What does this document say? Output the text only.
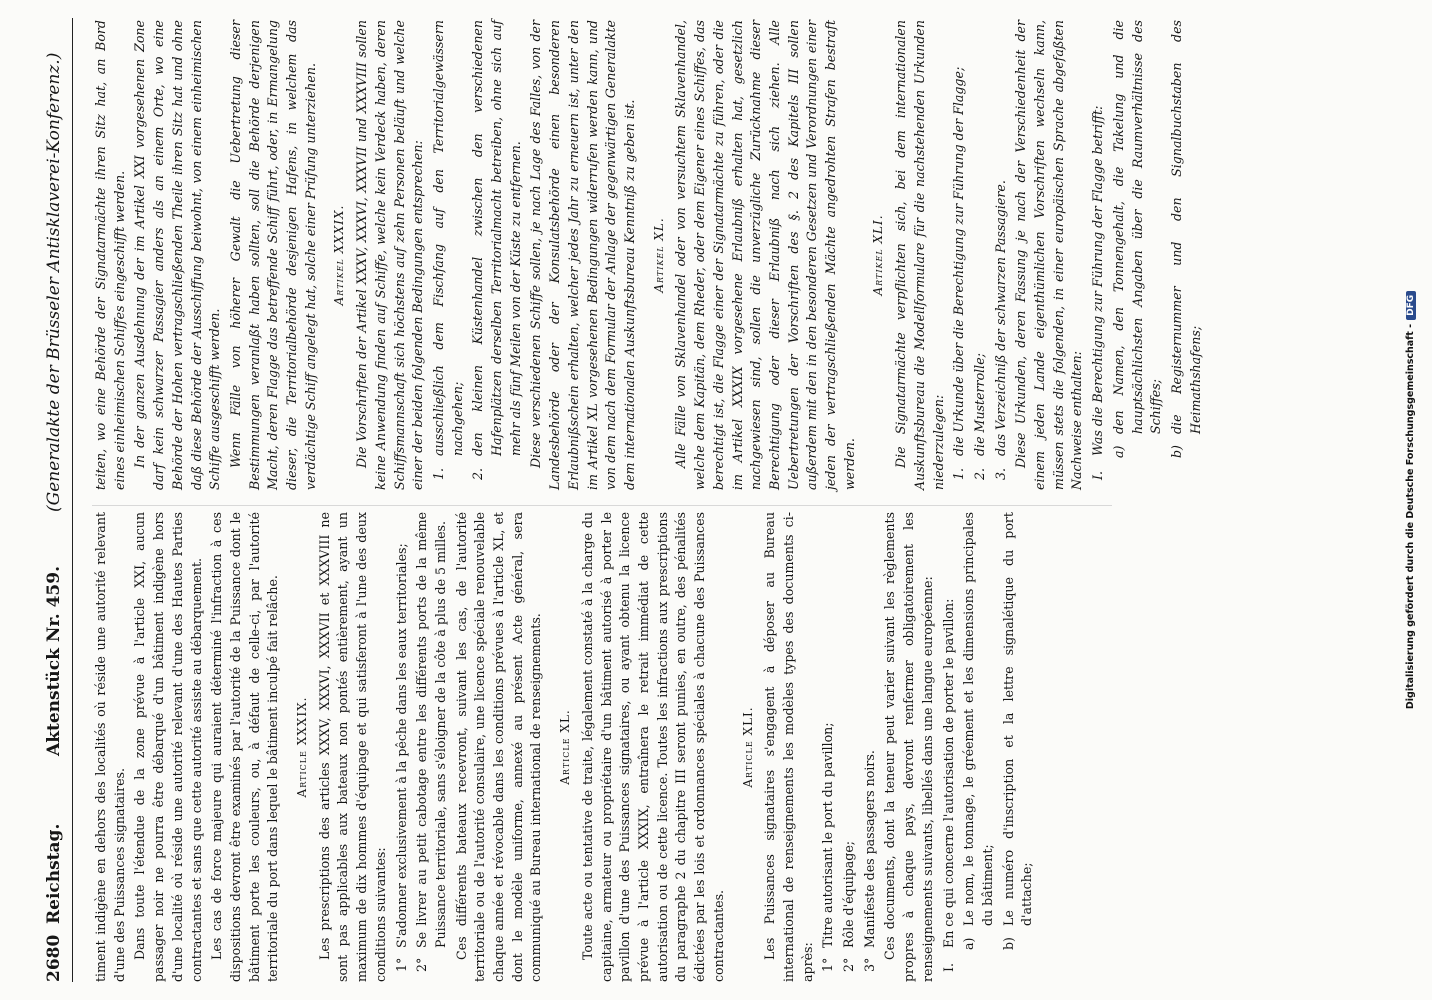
2680
Reichstag.
Aktenstück Nr. 459.
(Generalakte der Brüsseler Antisklaverei-Konferenz.)

timent indigène en dehors des localités où réside une autorité relevant d'une des Puissances signataires. Dans toute l'étendue de la zone prévue à l'article XXI, aucun passager noir ne pourra être débarqué d'un bâtiment indigène hors d'une localité où réside une autorité relevant d'une des Hautes Parties contractantes et sans que cette autorité assiste au débarquement. Les cas de force majeure qui auraient déterminé l'infraction à ces dispositions devront être examinés par l'autorité de la Puissance dont le bâtiment porte les couleurs, ou, à défaut de celle-ci, par l'autorité territoriale du port dans lequel le bâtiment inculpé fait relâche. Article XXXIX. Les prescriptions des articles XXXV, XXXVI, XXXVII et XXXVIII ne sont pas applicables aux bateaux non pontés entièrement, ayant un maximum de dix hommes d'équipage et qui satisferont à l'une des deux conditions suivantes: 1°
S'adonner exclusivement à la pêche dans les eaux territoriales;

2°
Se livrer au petit cabotage entre les différents ports de la même Puissance territoriale, sans s'éloigner de la côte à plus de 5 milles. Ces différents bateaux recevront, suivant les cas, de l'autorité territoriale ou de l'autorité consulaire, une licence spéciale renouvelable chaque année et révocable dans les conditions prévues à l'article XL, et dont le modèle uniforme, annexé au présent Acte général, sera communiqué au Bureau international de renseignements. Article XL. Toute acte ou tentative de traite, légalement constaté à la charge du capitaine, armateur ou propriétaire d'un bâtiment autorisé à porter le pavillon d'une des Puissances signataires, ou ayant obtenu la licence prévue à l'article XXXIX, entraînera le retrait immédiat de cette autorisation ou de cette licence. Toutes les infractions aux prescriptions du paragraphe 2 du chapitre III seront punies, en outre, des pénalités édictées par les lois et ordonnances spéciales à chacune des Puissances contractantes.

Article XLI. Les Puissances signataires s'engagent à déposer au Bureau international de renseignements les modèles types des documents ci-après: 1°
Titre autorisant le port du pavillon;

2°
Rôle d'équipage;

3°
Manifeste des passagers noirs. Ces documents, dont la teneur peut varier suivant les règlements propres à chaque pays, devront renfermer obligatoirement les renseignements suivants, libellés dans une langue européenne: I.
En ce qui concerne l'autorisation de porter le pavillon: a)
Le nom, le tonnage, le gréement et les dimensions principales du bâtiment;

b)
Le numéro d'inscription et la lettre signalétique du port d'attache;

teiten, wo eine Behörde der Signatarmächte ihren Sitz hat, an Bord eines einheimischen Schiffes eingeschifft werden. In der ganzen Ausdehnung der im Artikel XXI vorgesehenen Zone darf kein schwarzer Passagier anders als an einem Orte, wo eine Behörde der Hohen vertragschließenden Theile ihren Sitz hat und ohne daß diese Behörde der Ausschiffung beiwohnt, von einem einheimischen Schiffe ausgeschifft werden. Wenn Fälle von höherer Gewalt die Uebertretung dieser Bestimmungen veranlaßt haben sollten, soll die Behörde derjenigen Macht, deren Flagge das betreffende Schiff führt, oder, in Ermangelung dieser, die Territorialbehörde desjenigen Hafens, in welchem das verdächtige Schiff angelegt hat, solche einer Prüfung unterziehen. Artikel XXXIX. Die Vorschriften der Artikel XXXV, XXXVI, XXXVII und XXXVIII sollen keine Anwendung finden auf Schiffe, welche kein Verdeck haben, deren Schiffsmannschaft sich höchstens auf zehn Personen beläuft und welche einer der beiden folgenden Bedingungen entsprechen: 1.
ausschließlich dem Fischfang auf den Territorialgewässern nachgehen;

2.
den kleinen Küstenhandel zwischen den verschiedenen Hafenplätzen derselben Territorialmacht betreiben, ohne sich auf mehr als fünf Meilen von der Küste zu entfernen. Diese verschiedenen Schiffe sollen, je nach Lage des Falles, von der Landesbehörde oder der Konsulatsbehörde einen besonderen Erlaubnißschein erhalten, welcher jedes Jahr zu erneuern ist, unter den im Artikel XL vorgesehenen Bedingungen widerrufen werden kann, und von dem nach dem Formular der Anlage der gegenwärtigen Generalakte dem internationalen Auskunftsbureau Kenntniß zu geben ist. Artikel XL. Alle Fälle von Sklavenhandel oder von versuchtem Sklavenhandel, welche dem Kapitän, dem Rheder, oder dem Eigener eines Schiffes, das berechtigt ist, die Flagge einer der Signatarmächte zu führen, oder die im Artikel XXXIX vorgesehene Erlaubniß erhalten hat, gesetzlich nachgewiesen sind, sollen die unverzügliche Zurücknahme dieser Berechtigung oder dieser Erlaubniß nach sich ziehen. Alle Uebertretungen der Vorschriften des §. 2 des Kapitels III sollen außerdem mit den in den besonderen Gesetzen und Verordnungen einer jeden der vertragschließenden Mächte angedrohten Strafen bestraft werden.

Artikel XLI. Die Signatarmächte verpflichten sich, bei dem internationalen Auskunftsbureau die Modellformulare für die nachstehenden Urkunden niederzulegen: 1.
die Urkunde über die Berechtigung zur Führung der Flagge;

2.
die Musterrolle;

3.
das Verzeichniß der schwarzen Passagiere. Diese Urkunden, deren Fassung je nach der Verschiedenheit der einem jeden Lande eigenthümlichen Vorschriften wechseln kann, müssen stets die folgenden, in einer europäischen Sprache abgefaßten Nachweise enthalten: I.
Was die Berechtigung zur Führung der Flagge betrifft: a)
den Namen, den Tonnengehalt, die Takelung und die hauptsächlichsten Angaben über die Raumverhältnisse des Schiffes;

b)
die Registernummer und den Signalbuchstaben des Heimathshafens;	Digitalisierung gefördert durch die Deutsche Forschungsgemeinschaft -DFG
